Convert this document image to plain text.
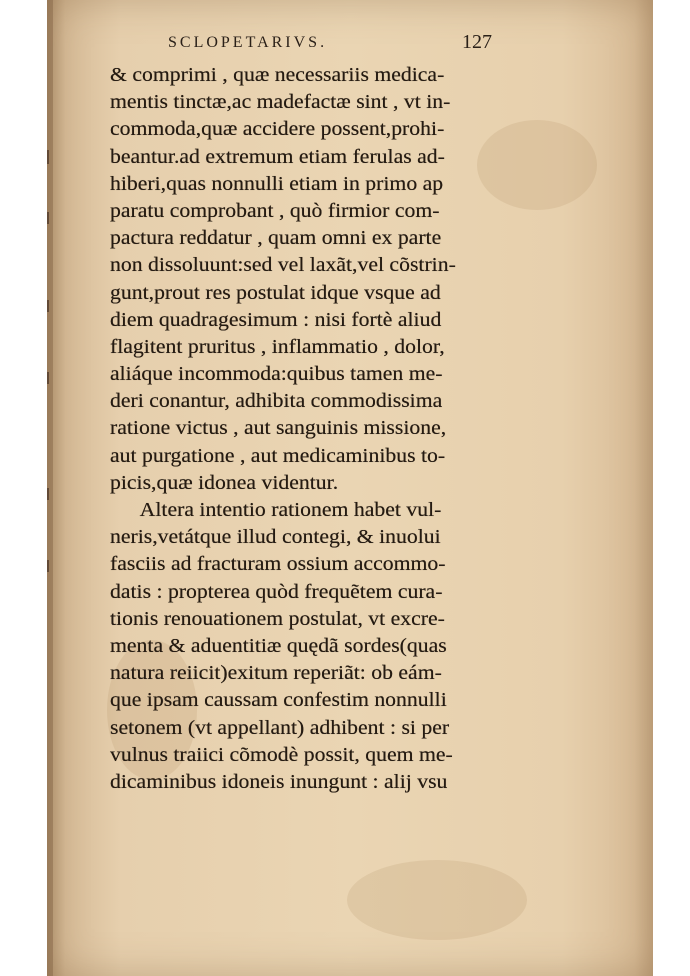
SCLOPETARIVS.	127
& comprimi , quæ necessariis medica-
mentis tinctæ,ac madefactæ sint , vt in-
commoda,quæ accidere possent,prohi-
beantur.ad extremum etiam ferulas ad-
hiberi,quas nonnulli etiam in primo ap
paratu comprobant , quò firmior com-
pactura reddatur , quam omni ex parte
non dissoluunt:sed vel laxãt,vel cõstrin-
gunt,prout res postulat idque vsque ad
diem quadragesimum : nisi fortè aliud
flagitent pruritus , inflammatio , dolor,
aliáque incommoda:quibus tamen me-
deri conantur, adhibita commodissima
ratione victus , aut sanguinis missione,
aut purgatione , aut medicaminibus to-
picis,quæ idonea videntur.
Altera intentio rationem habet vul-
neris,vetátque illud contegi, & inuolui
fasciis ad fracturam ossium accommo-
datis : propterea quòd frequẽtem cura-
tionis renouationem postulat, vt excre-
menta & aduentitiæ quędã sordes(quas
natura reiicit)exitum reperiãt: ob eám-
que ipsam caussam confestim nonnulli
setonem (vt appellant) adhibent : si per
vulnus traiici cõmodè possit, quem me-
dicaminibus idoneis inungunt : alij vsu
